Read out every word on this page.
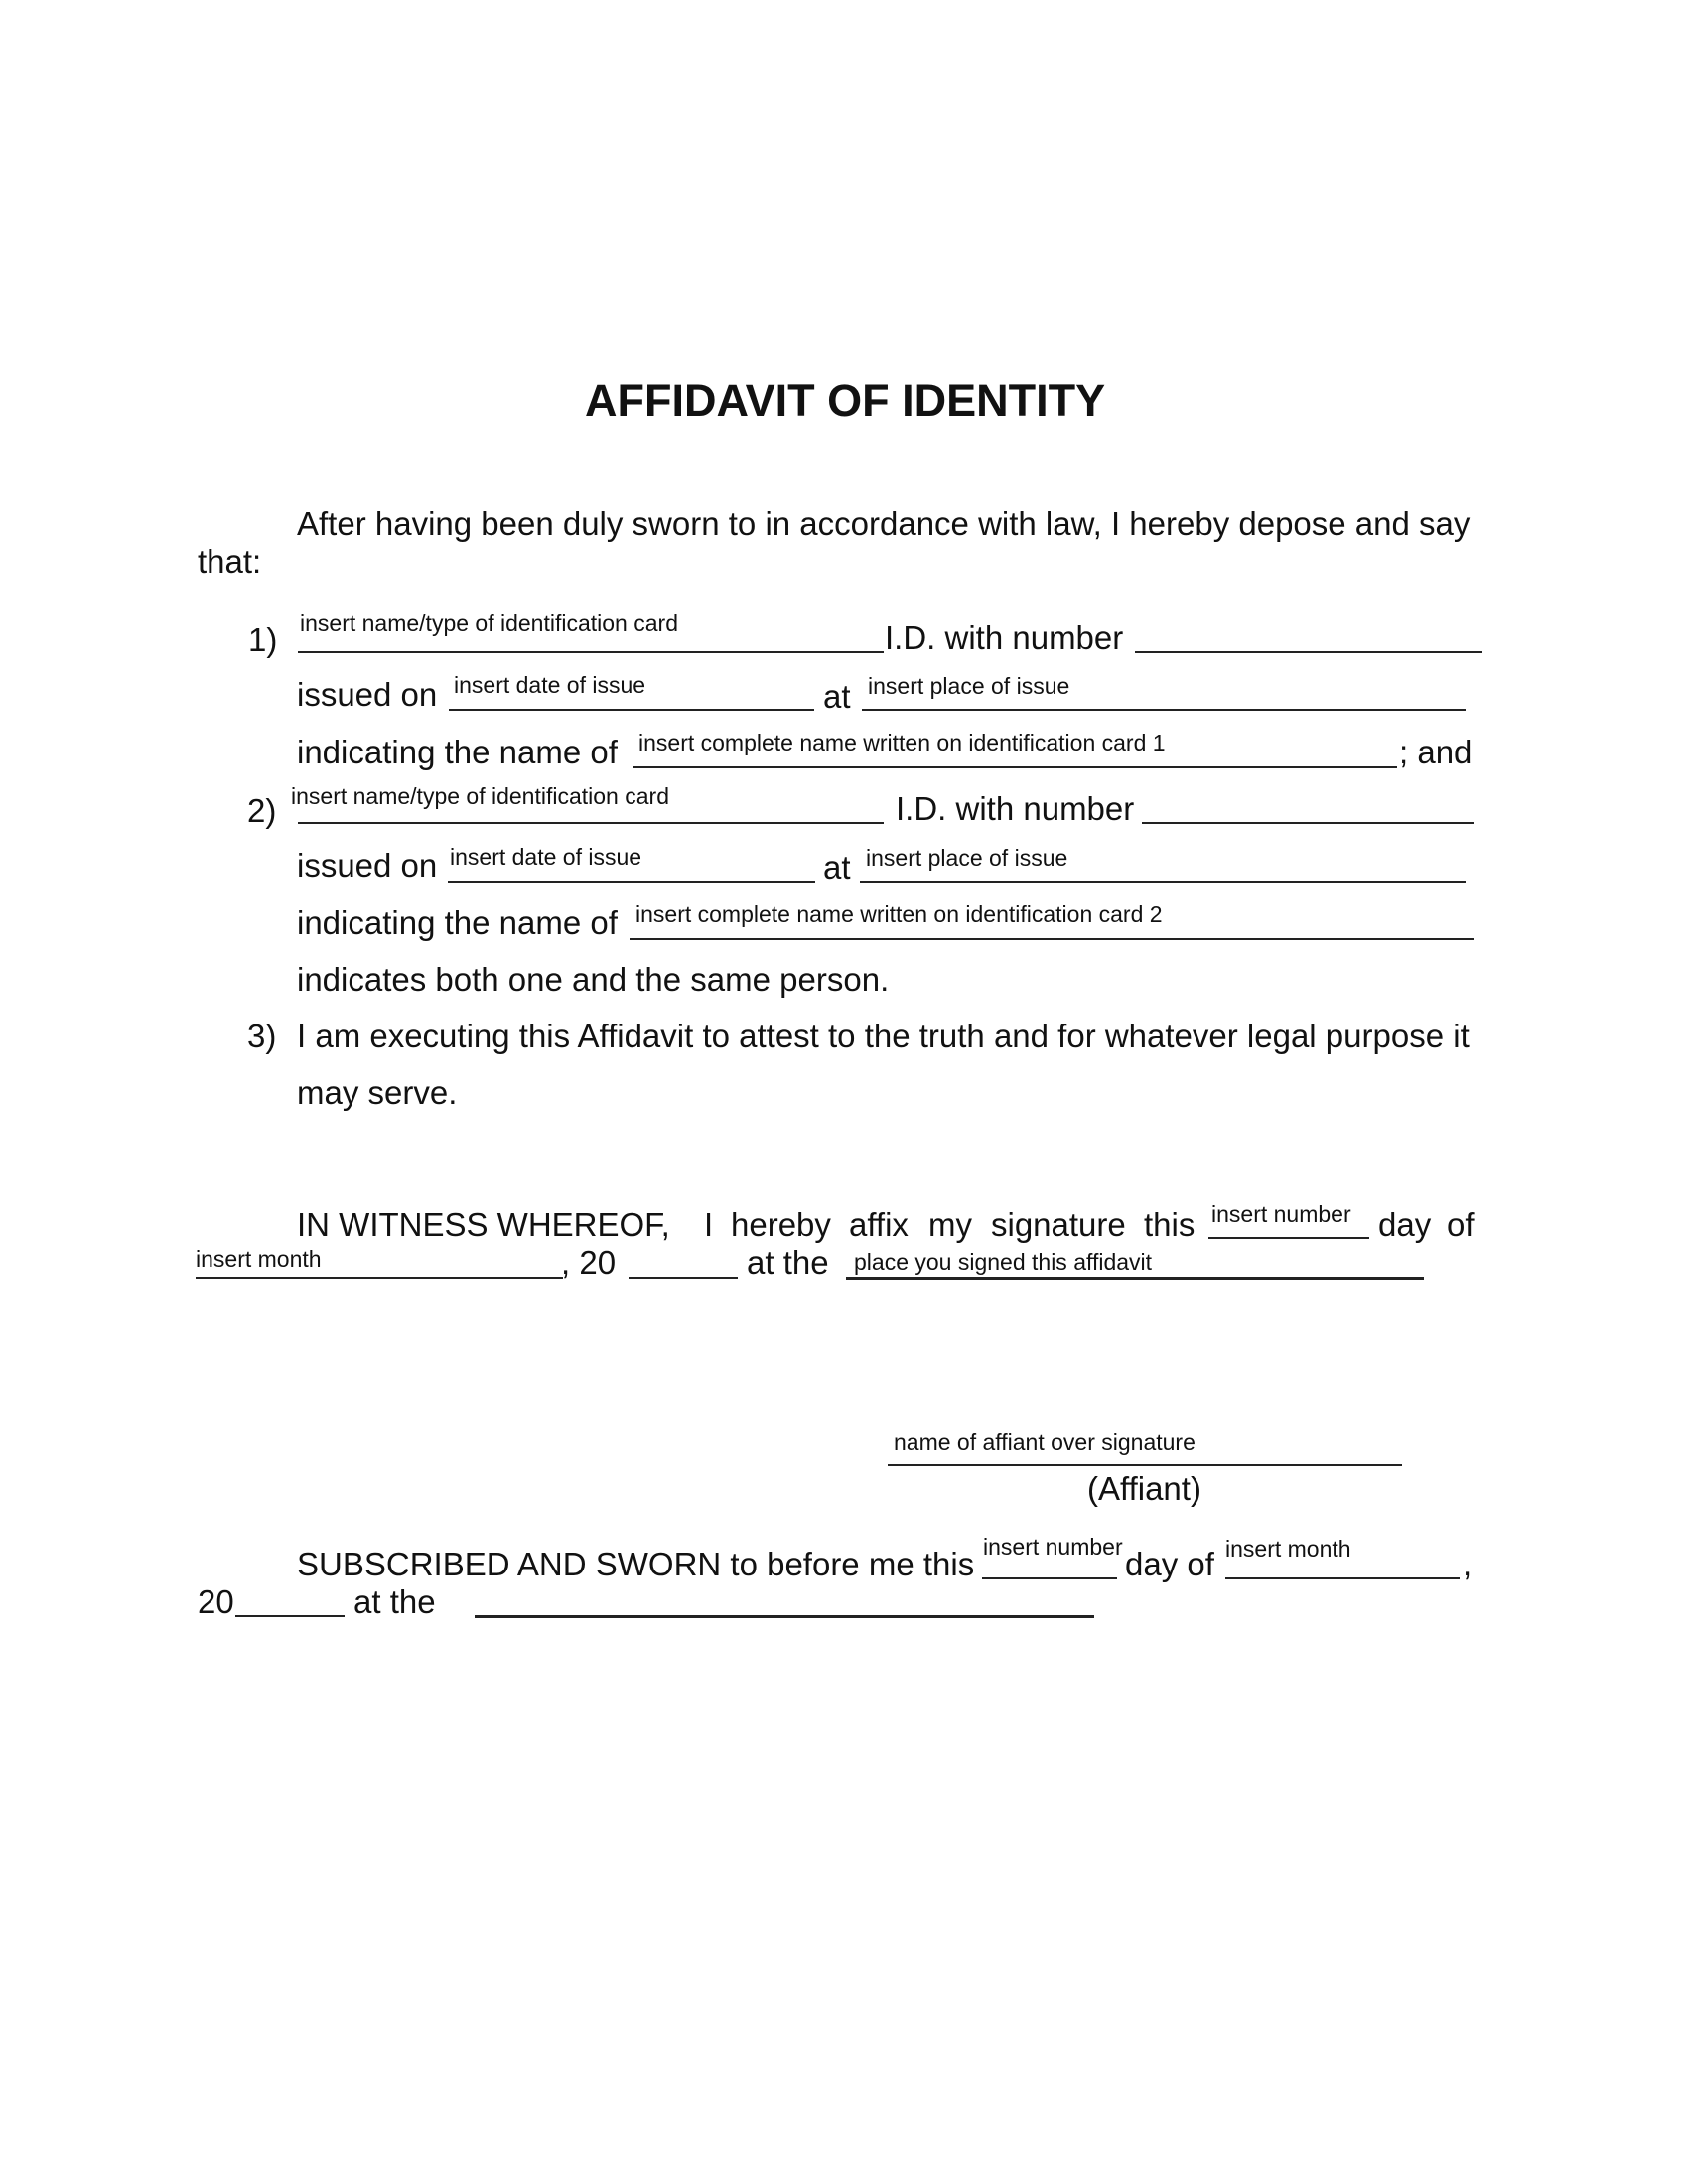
AFFIDAVIT OF IDENTITY
After having been duly sworn to in accordance with law, I hereby depose and say
that:
1) insert name/type of identification card	I.D. with number
issued on insert date of issue	at insert place of issue
indicating the name of insert complete name written on identification card 1	; and
2) insert name/type of identification card	I.D. with number
issued on insert date of issue	at insert place of issue
indicating the name of insert complete name written on identification card 2
indicates both one and the same person.
3) I am executing this Affidavit to attest to the truth and for whatever legal purpose it
may serve.
IN WITNESS WHEREOF, I hereby affix my signature this insert number day of
insert month	, 20	at the place you signed this affidavit
name of affiant over signature
(Affiant)
SUBSCRIBED AND SWORN to before me this insert number day of insert month	,
20	at the
